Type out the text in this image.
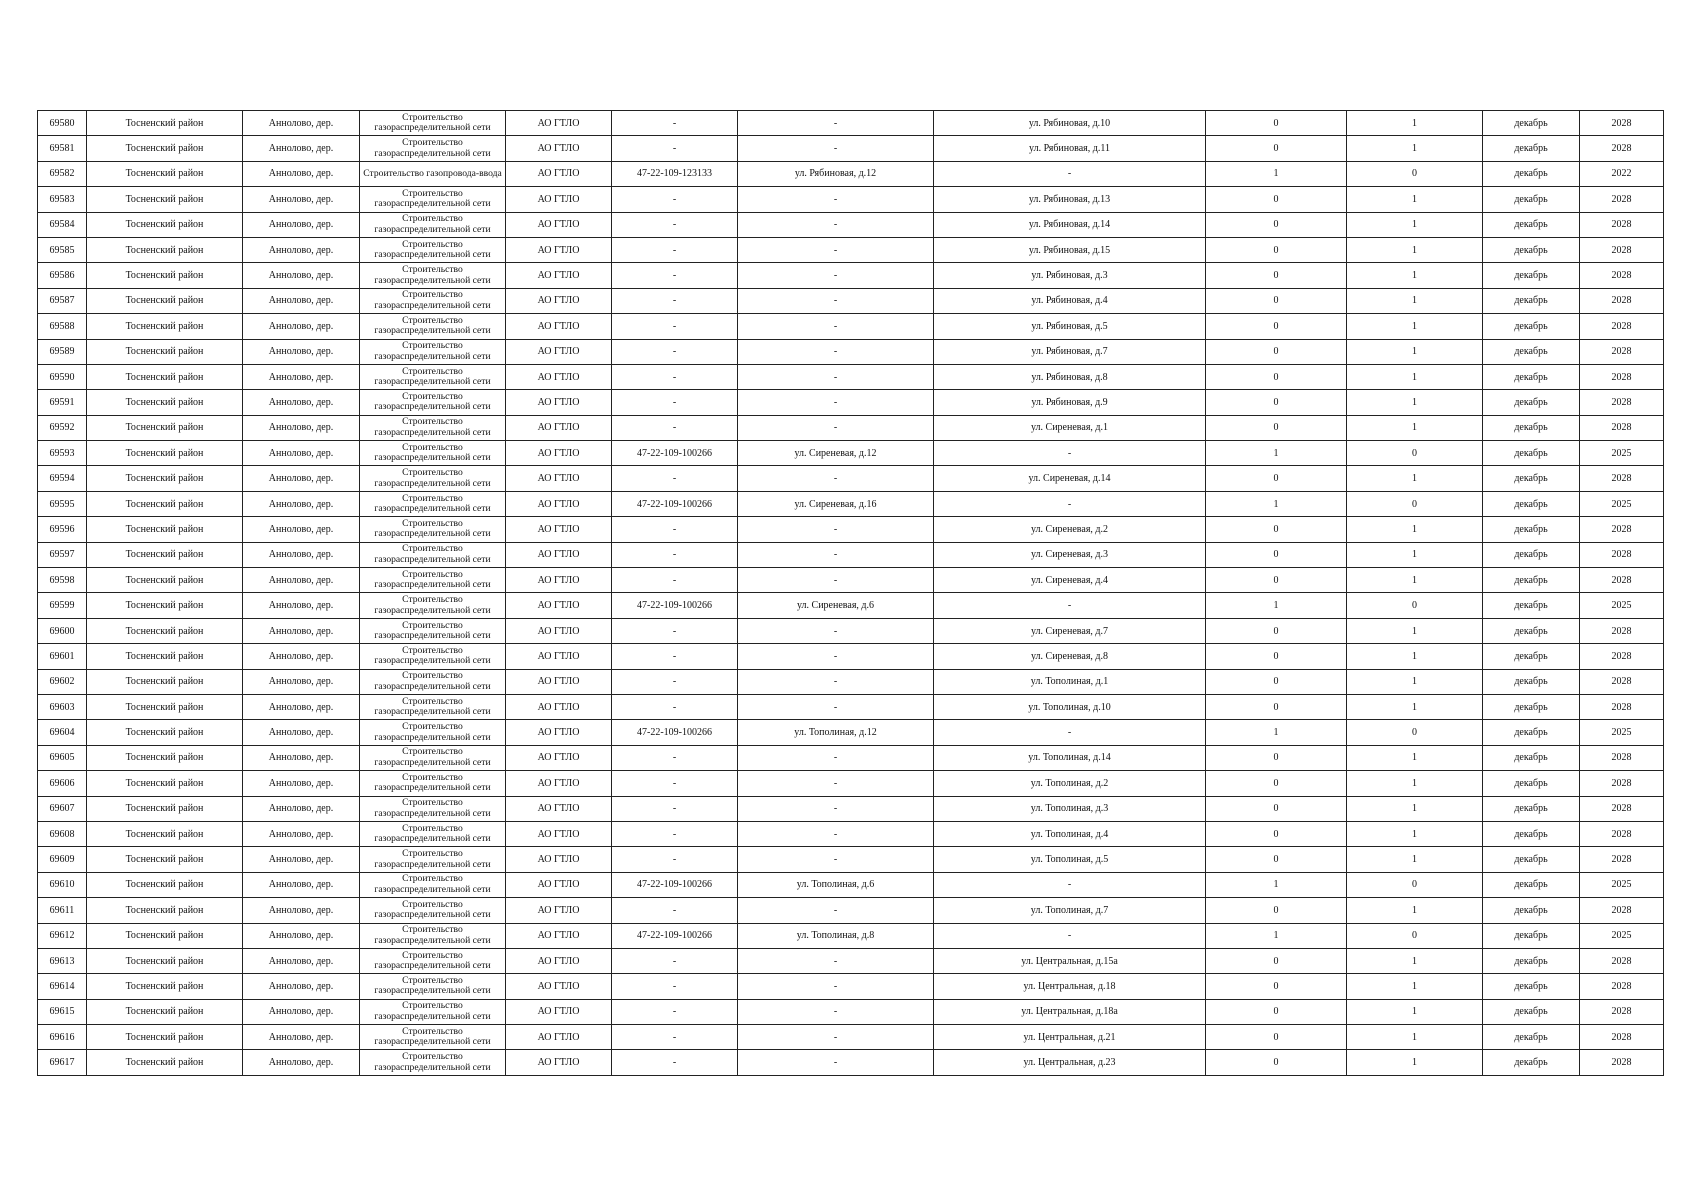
69580	Тосненский район	Аннолово, дер.	Строительство газораспределительной сети	АО ГТЛО	-	-	ул. Рябиновая, д.10	0	1	декабрь	2028
69581	Тосненский район	Аннолово, дер.	Строительство газораспределительной сети	АО ГТЛО	-	-	ул. Рябиновая, д.11	0	1	декабрь	2028
69582	Тосненский район	Аннолово, дер.	Строительство газопровода-ввода	АО ГТЛО	47-22-109-123133	ул. Рябиновая, д.12	-	1	0	декабрь	2022
69583	Тосненский район	Аннолово, дер.	Строительство газораспределительной сети	АО ГТЛО	-	-	ул. Рябиновая, д.13	0	1	декабрь	2028
69584	Тосненский район	Аннолово, дер.	Строительство газораспределительной сети	АО ГТЛО	-	-	ул. Рябиновая, д.14	0	1	декабрь	2028
69585	Тосненский район	Аннолово, дер.	Строительство газораспределительной сети	АО ГТЛО	-	-	ул. Рябиновая, д.15	0	1	декабрь	2028
69586	Тосненский район	Аннолово, дер.	Строительство газораспределительной сети	АО ГТЛО	-	-	ул. Рябиновая, д.3	0	1	декабрь	2028
69587	Тосненский район	Аннолово, дер.	Строительство газораспределительной сети	АО ГТЛО	-	-	ул. Рябиновая, д.4	0	1	декабрь	2028
69588	Тосненский район	Аннолово, дер.	Строительство газораспределительной сети	АО ГТЛО	-	-	ул. Рябиновая, д.5	0	1	декабрь	2028
69589	Тосненский район	Аннолово, дер.	Строительство газораспределительной сети	АО ГТЛО	-	-	ул. Рябиновая, д.7	0	1	декабрь	2028
69590	Тосненский район	Аннолово, дер.	Строительство газораспределительной сети	АО ГТЛО	-	-	ул. Рябиновая, д.8	0	1	декабрь	2028
69591	Тосненский район	Аннолово, дер.	Строительство газораспределительной сети	АО ГТЛО	-	-	ул. Рябиновая, д.9	0	1	декабрь	2028
69592	Тосненский район	Аннолово, дер.	Строительство газораспределительной сети	АО ГТЛО	-	-	ул. Сиреневая, д.1	0	1	декабрь	2028
69593	Тосненский район	Аннолово, дер.	Строительство газораспределительной сети	АО ГТЛО	47-22-109-100266	ул. Сиреневая, д.12	-	1	0	декабрь	2025
69594	Тосненский район	Аннолово, дер.	Строительство газораспределительной сети	АО ГТЛО	-	-	ул. Сиреневая, д.14	0	1	декабрь	2028
69595	Тосненский район	Аннолово, дер.	Строительство газораспределительной сети	АО ГТЛО	47-22-109-100266	ул. Сиреневая, д.16	-	1	0	декабрь	2025
69596	Тосненский район	Аннолово, дер.	Строительство газораспределительной сети	АО ГТЛО	-	-	ул. Сиреневая, д.2	0	1	декабрь	2028
69597	Тосненский район	Аннолово, дер.	Строительство газораспределительной сети	АО ГТЛО	-	-	ул. Сиреневая, д.3	0	1	декабрь	2028
69598	Тосненский район	Аннолово, дер.	Строительство газораспределительной сети	АО ГТЛО	-	-	ул. Сиреневая, д.4	0	1	декабрь	2028
69599	Тосненский район	Аннолово, дер.	Строительство газораспределительной сети	АО ГТЛО	47-22-109-100266	ул. Сиреневая, д.6	-	1	0	декабрь	2025
69600	Тосненский район	Аннолово, дер.	Строительство газораспределительной сети	АО ГТЛО	-	-	ул. Сиреневая, д.7	0	1	декабрь	2028
69601	Тосненский район	Аннолово, дер.	Строительство газораспределительной сети	АО ГТЛО	-	-	ул. Сиреневая, д.8	0	1	декабрь	2028
69602	Тосненский район	Аннолово, дер.	Строительство газораспределительной сети	АО ГТЛО	-	-	ул. Тополиная, д.1	0	1	декабрь	2028
69603	Тосненский район	Аннолово, дер.	Строительство газораспределительной сети	АО ГТЛО	-	-	ул. Тополиная, д.10	0	1	декабрь	2028
69604	Тосненский район	Аннолово, дер.	Строительство газораспределительной сети	АО ГТЛО	47-22-109-100266	ул. Тополиная, д.12	-	1	0	декабрь	2025
69605	Тосненский район	Аннолово, дер.	Строительство газораспределительной сети	АО ГТЛО	-	-	ул. Тополиная, д.14	0	1	декабрь	2028
69606	Тосненский район	Аннолово, дер.	Строительство газораспределительной сети	АО ГТЛО	-	-	ул. Тополиная, д.2	0	1	декабрь	2028
69607	Тосненский район	Аннолово, дер.	Строительство газораспределительной сети	АО ГТЛО	-	-	ул. Тополиная, д.3	0	1	декабрь	2028
69608	Тосненский район	Аннолово, дер.	Строительство газораспределительной сети	АО ГТЛО	-	-	ул. Тополиная, д.4	0	1	декабрь	2028
69609	Тосненский район	Аннолово, дер.	Строительство газораспределительной сети	АО ГТЛО	-	-	ул. Тополиная, д.5	0	1	декабрь	2028
69610	Тосненский район	Аннолово, дер.	Строительство газораспределительной сети	АО ГТЛО	47-22-109-100266	ул. Тополиная, д.6	-	1	0	декабрь	2025
69611	Тосненский район	Аннолово, дер.	Строительство газораспределительной сети	АО ГТЛО	-	-	ул. Тополиная, д.7	0	1	декабрь	2028
69612	Тосненский район	Аннолово, дер.	Строительство газораспределительной сети	АО ГТЛО	47-22-109-100266	ул. Тополиная, д.8	-	1	0	декабрь	2025
69613	Тосненский район	Аннолово, дер.	Строительство газораспределительной сети	АО ГТЛО	-	-	ул. Центральная, д.15а	0	1	декабрь	2028
69614	Тосненский район	Аннолово, дер.	Строительство газораспределительной сети	АО ГТЛО	-	-	ул. Центральная, д.18	0	1	декабрь	2028
69615	Тосненский район	Аннолово, дер.	Строительство газораспределительной сети	АО ГТЛО	-	-	ул. Центральная, д.18а	0	1	декабрь	2028
69616	Тосненский район	Аннолово, дер.	Строительство газораспределительной сети	АО ГТЛО	-	-	ул. Центральная, д.21	0	1	декабрь	2028
69617	Тосненский район	Аннолово, дер.	Строительство газораспределительной сети	АО ГТЛО	-	-	ул. Центральная, д.23	0	1	декабрь	2028
